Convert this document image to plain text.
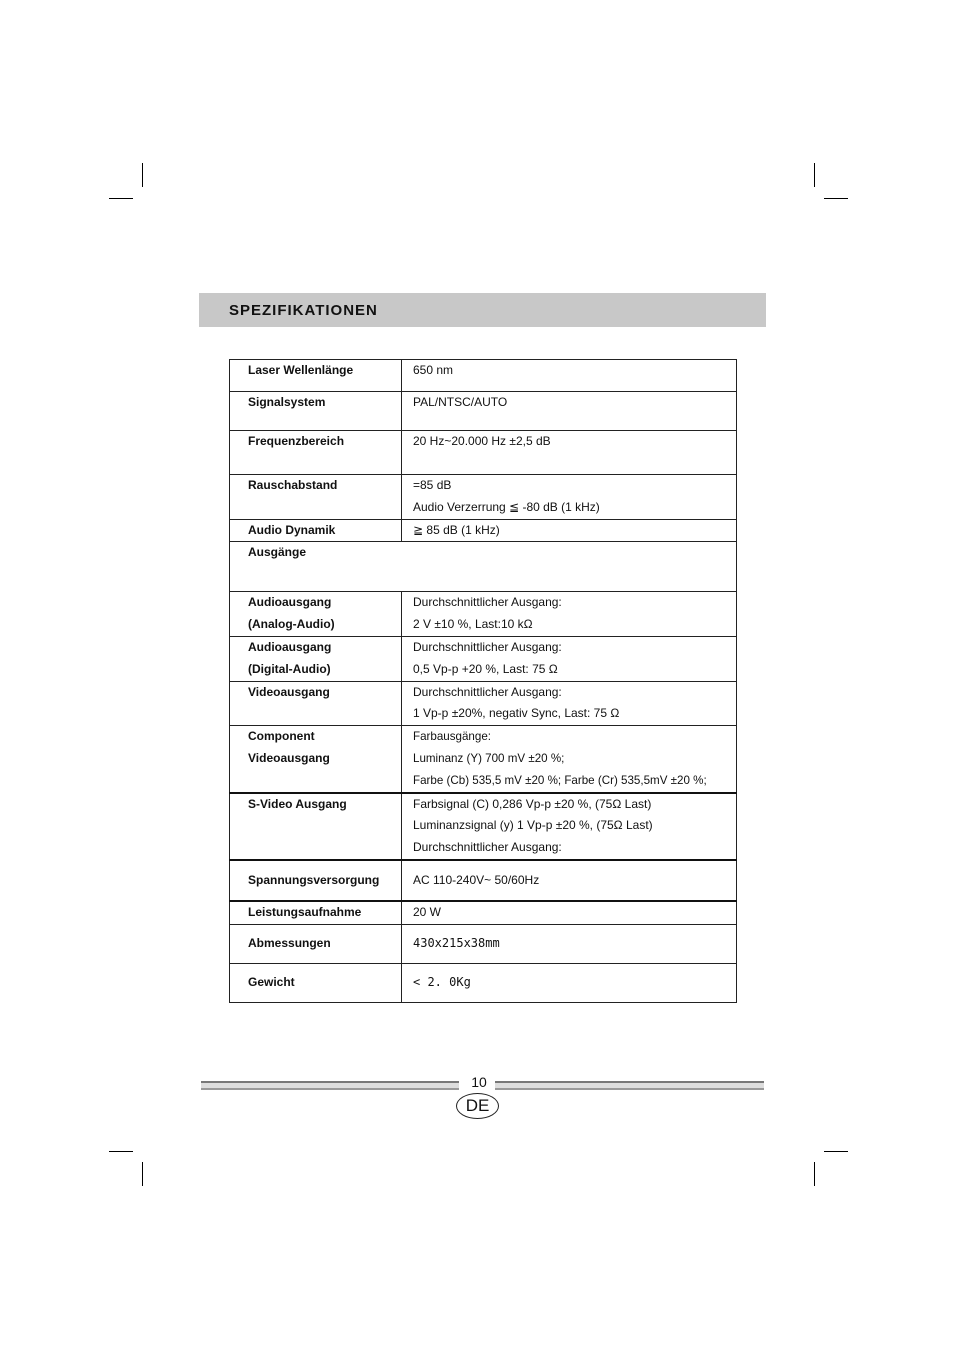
SPEZIFIKATIONEN
Laser Wellenlänge	650 nm

Signalsystem	PAL/NTSC/AUTO

Frequenzbereich	20 Hz~20.000 Hz ±2,5 dB

Rauschabstand	=85 dB
Audio Verzerrung ≦ -80 dB (1 kHz)

Audio Dynamik	≧ 85 dB (1 kHz)

Ausgänge	

Audioausgang
(Analog-Audio)	Durchschnittlicher Ausgang:
2 V ±10 %, Last:10 kΩ

Audioausgang
(Digital-Audio)	Durchschnittlicher Ausgang:
0,5 Vp-p +20 %, Last: 75 Ω

Videoausgang	Durchschnittlicher Ausgang:
1 Vp-p ±20%, negativ Sync, Last: 75 Ω

Component
Videoausgang	Farbausgänge:
Luminanz (Y) 700 mV ±20 %;
Farbe (Cb) 535,5 mV ±20 %; Farbe (Cr) 535,5mV ±20 %;

S-Video Ausgang	Farbsignal (C) 0,286 Vp-p ±20 %, (75Ω Last)
Luminanzsignal (y) 1 Vp-p ±20 %, (75Ω Last)
Durchschnittlicher Ausgang:

Spannungsversorgung	AC 110-240V~ 50/60Hz

Leistungsaufnahme	20 W

Abmessungen	430x215x38mm

Gewicht	< 2. 0Kg
10
DE
